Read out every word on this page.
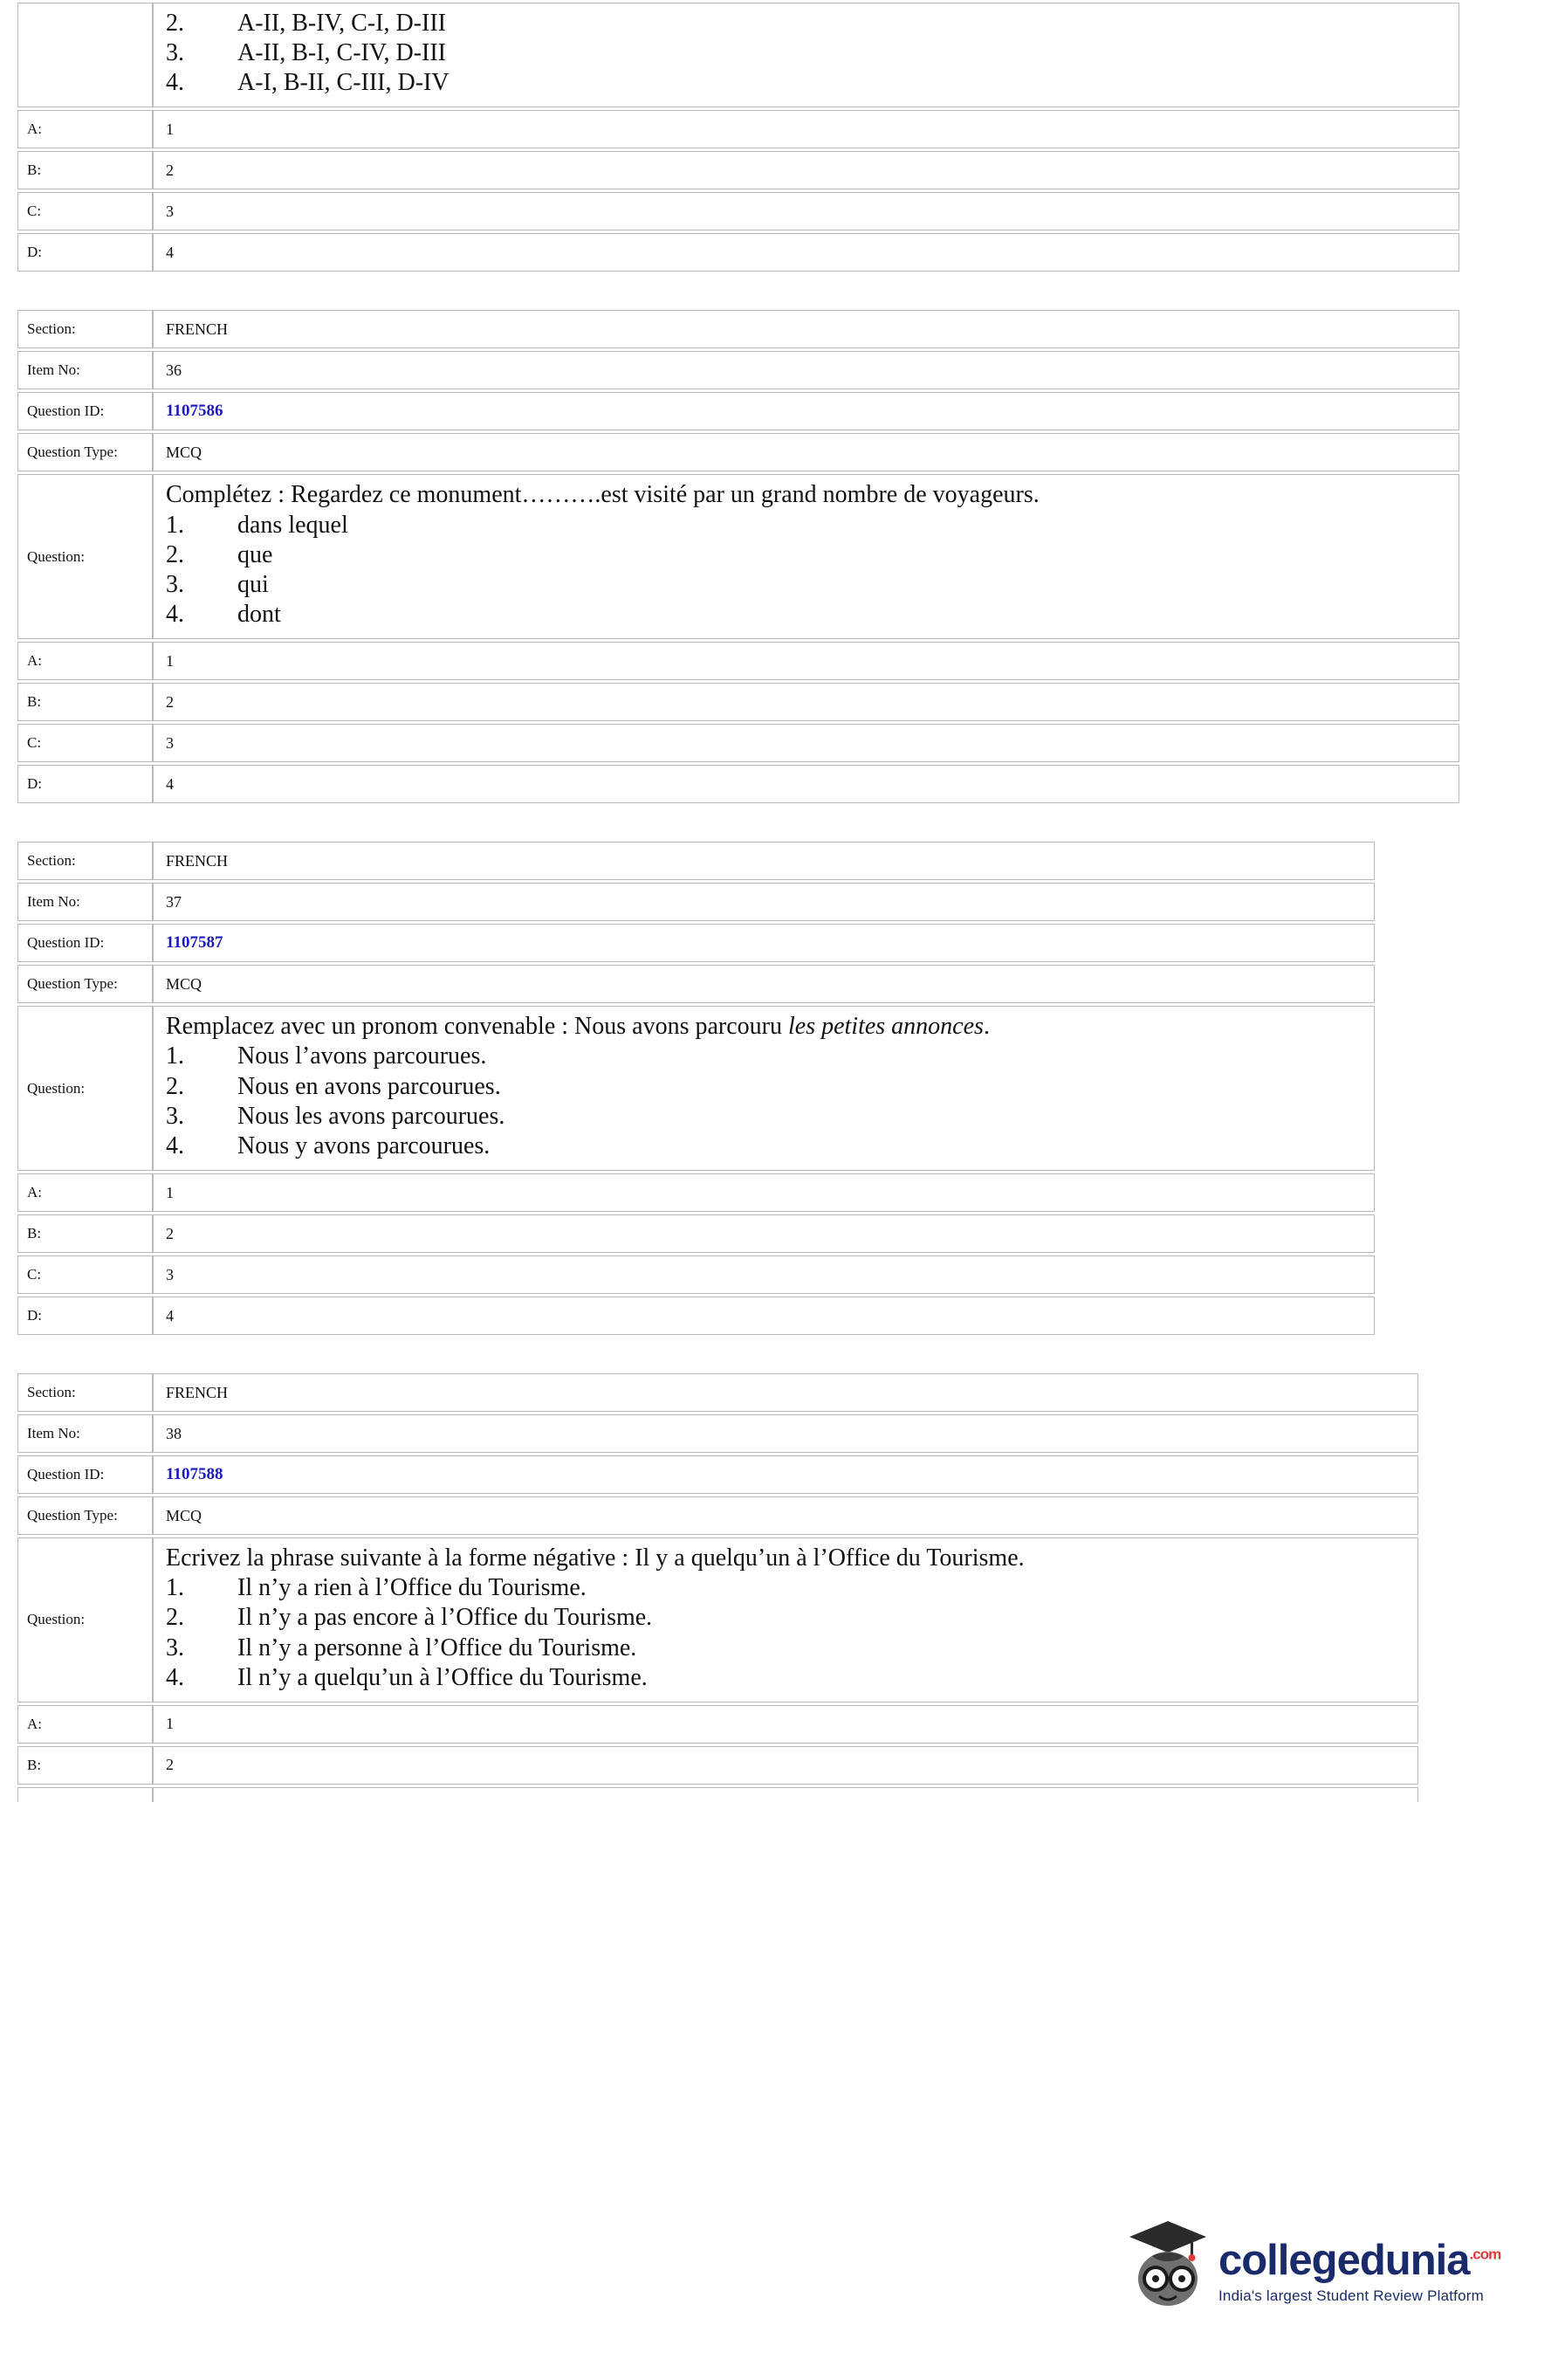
2.	A-II, B-IV, C-I, D-III
3.	A-II, B-I, C-IV, D-III
4.	A-I, B-II, C-III, D-IV

A:	1
B:	2
C:	3
D:	4
Section:	FRENCH
Item No:	36
Question ID:	1107586
Question Type:	MCQ
Question:	
Complétez : Regardez ce monument……….est visité par un grand nombre de voyageurs.
1.	dans lequel
2.	que
3.	qui
4.	dont

A:	1
B:	2
C:	3
D:	4
Section:	FRENCH
Item No:	37
Question ID:	1107587
Question Type:	MCQ
Question:	
Remplacez avec un pronom convenable : Nous avons parcouru les petites annonces.
1.	Nous l’avons parcourues.
2.	Nous en avons parcourues.
3.	Nous les avons parcourues.
4.	Nous y avons parcourues.

A:	1
B:	2
C:	3
D:	4
Section:	FRENCH
Item No:	38
Question ID:	1107588
Question Type:	MCQ
Question:	
Ecrivez la phrase suivante à la forme négative : Il y a quelqu’un à l’Office du Tourisme.
1.	Il n’y a rien à l’Office du Tourisme.
2.	Il n’y a pas encore à l’Office du Tourisme.
3.	Il n’y a personne à l’Office du Tourisme.
4.	Il n’y a quelqu’un à l’Office du Tourisme.

A:	1
B:	2

collegedunia$^{.com}$
India's largest Student Review Platform
